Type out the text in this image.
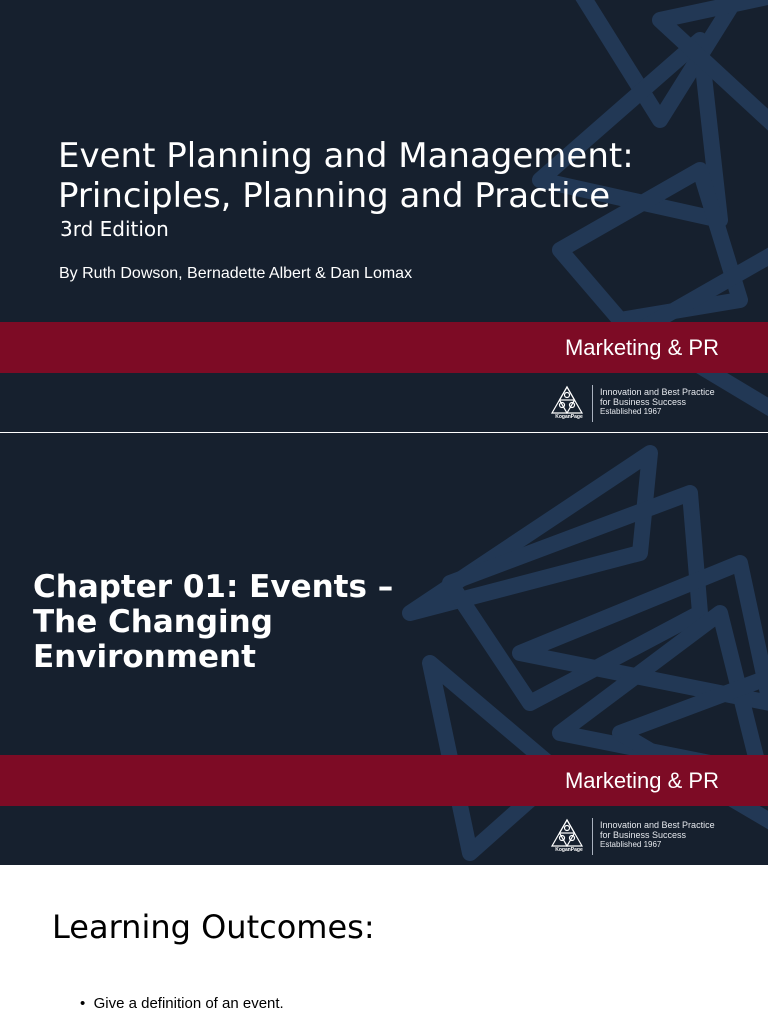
Event Planning and Management:
Principles, Planning and Practice
3rd Edition
By Ruth Dowson, Bernadette Albert & Dan Lomax
Marketing & PR
KoganPage
Innovation and Best Practice
for Business Success
Established 1967
Chapter 01: Events – The Changing Environment
Marketing & PR
KoganPage
Innovation and Best Practice
for Business Success
Established 1967
Learning Outcomes:
•  Give a definition of an event.
